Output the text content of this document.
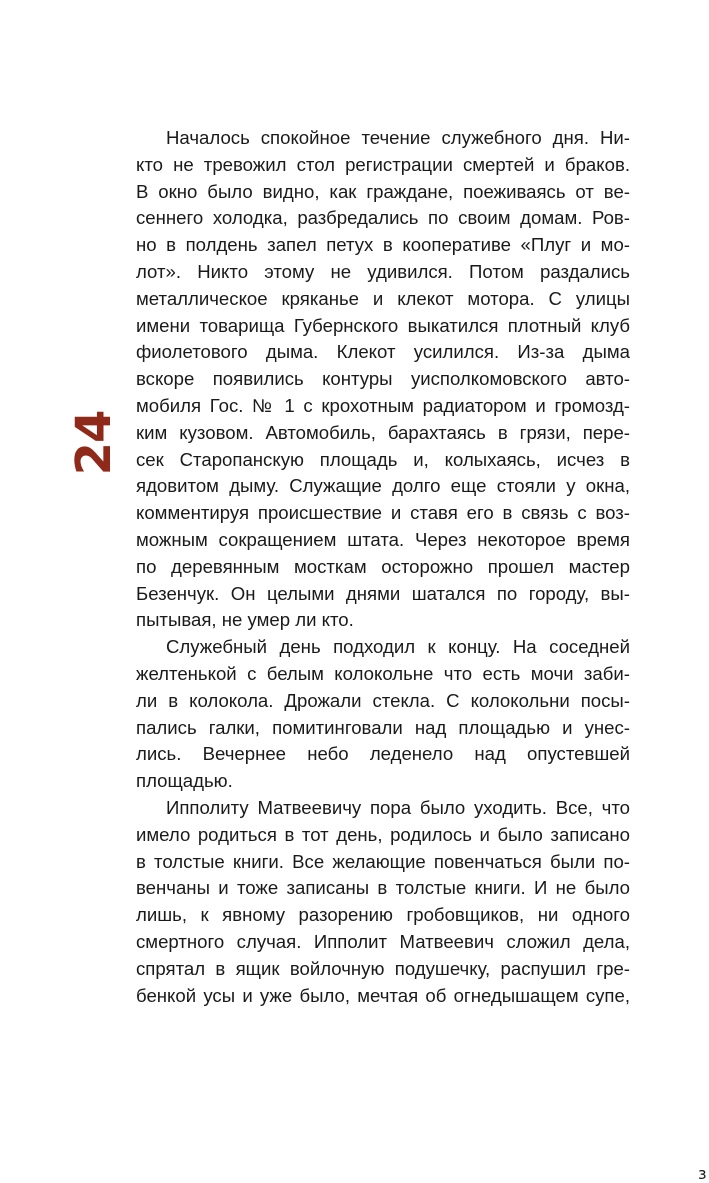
24
Началось спокойное течение служебного дня. Ни-
кто не тревожил стол регистрации смертей и браков.
В окно было видно, как граждане, поеживаясь от ве-
сеннего холодка, разбредались по своим домам. Ров-
но в полдень запел петух в кооперативе «Плуг и мо-
лот». Никто этому не удивился. Потом раздались
металлическое кряканье и клекот мотора. С улицы
имени товарища Губернского выкатился плотный клуб
фиолетового дыма. Клекот усилился. Из-за дыма
вскоре появились контуры уисполкомовского авто-
мобиля Гос. № 1 с крохотным радиатором и громозд-
ким кузовом. Автомобиль, барахтаясь в грязи, пере-
сек Старопанскую площадь и, колыхаясь, исчез в
ядовитом дыму. Служащие долго еще стояли у окна,
комментируя происшествие и ставя его в связь с воз-
можным сокращением штата. Через некоторое время
по деревянным мосткам осторожно прошел мастер
Безенчук. Он целыми днями шатался по городу, вы-
пытывая, не умер ли кто.
Служебный день подходил к концу. На соседней
желтенькой с белым колокольне что есть мочи заби-
ли в колокола. Дрожали стекла. С колокольни посы-
пались галки, помитинговали над площадью и унес-
лись. Вечернее небо леденело над опустевшей
площадью.
Ипполиту Матвеевичу пора было уходить. Все, что
имело родиться в тот день, родилось и было записано
в толстые книги. Все желающие повенчаться были по-
венчаны и тоже записаны в толстые книги. И не было
лишь, к явному разорению гробовщиков, ни одного
смертного случая. Ипполит Матвеевич сложил дела,
спрятал в ящик войлочную подушечку, распушил гре-
бенкой усы и уже было, мечтая об огнедышащем супе,
з
